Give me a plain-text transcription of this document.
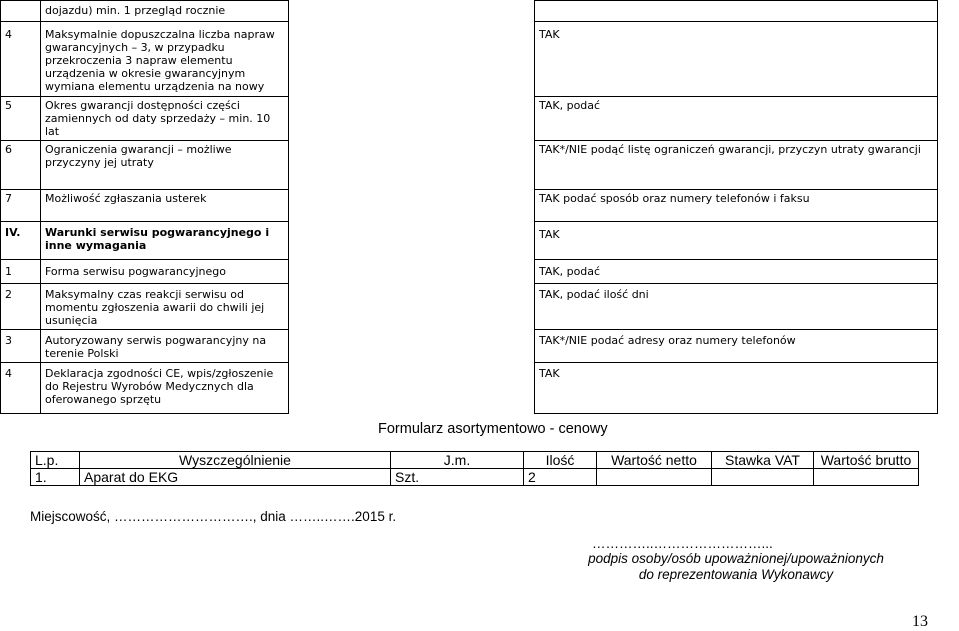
	dojazdu) min. 1 przegląd rocznie		
4	Maksymalnie dopuszczalna liczba napraw gwarancyjnych – 3, w przypadku przekroczenia 3 napraw elementu urządzenia w okresie gwarancyjnym wymiana elementu urządzenia na nowy		TAK
5	Okres gwarancji dostępności części zamiennych od daty sprzedaży – min. 10 lat		TAK, podać
6	Ograniczenia gwarancji – możliwe przyczyny jej utraty		TAK*/NIE podąć listę ograniczeń gwarancji, przyczyn utraty gwarancji
7	Możliwość zgłaszania usterek		TAK podać sposób oraz numery telefonów i faksu
IV.	Warunki serwisu pogwarancyjnego i inne wymagania		TAK
1	Forma serwisu pogwarancyjnego		TAK, podać
2	Maksymalny czas reakcji serwisu od momentu zgłoszenia awarii do chwili jej usunięcia		TAK, podać ilość dni
3	Autoryzowany serwis pogwarancyjny na terenie Polski		TAK*/NIE podać adresy oraz numery telefonów
4	Deklaracja zgodności CE, wpis/zgłoszenie do Rejestru Wyrobów Medycznych dla oferowanego sprzętu		TAK
Formularz asortymentowo - cenowy
L.p.	Wyszczególnienie	J.m.	Ilość	Wartość netto	Stawka VAT	Wartość brutto
1.	Aparat do EKG	Szt.	2			
Miejscowość, …………………………., dnia ……..…….2015 r.
…………..……………………...
podpis osoby/osób upoważnionej/upoważnionych
do reprezentowania Wykonawcy
13
